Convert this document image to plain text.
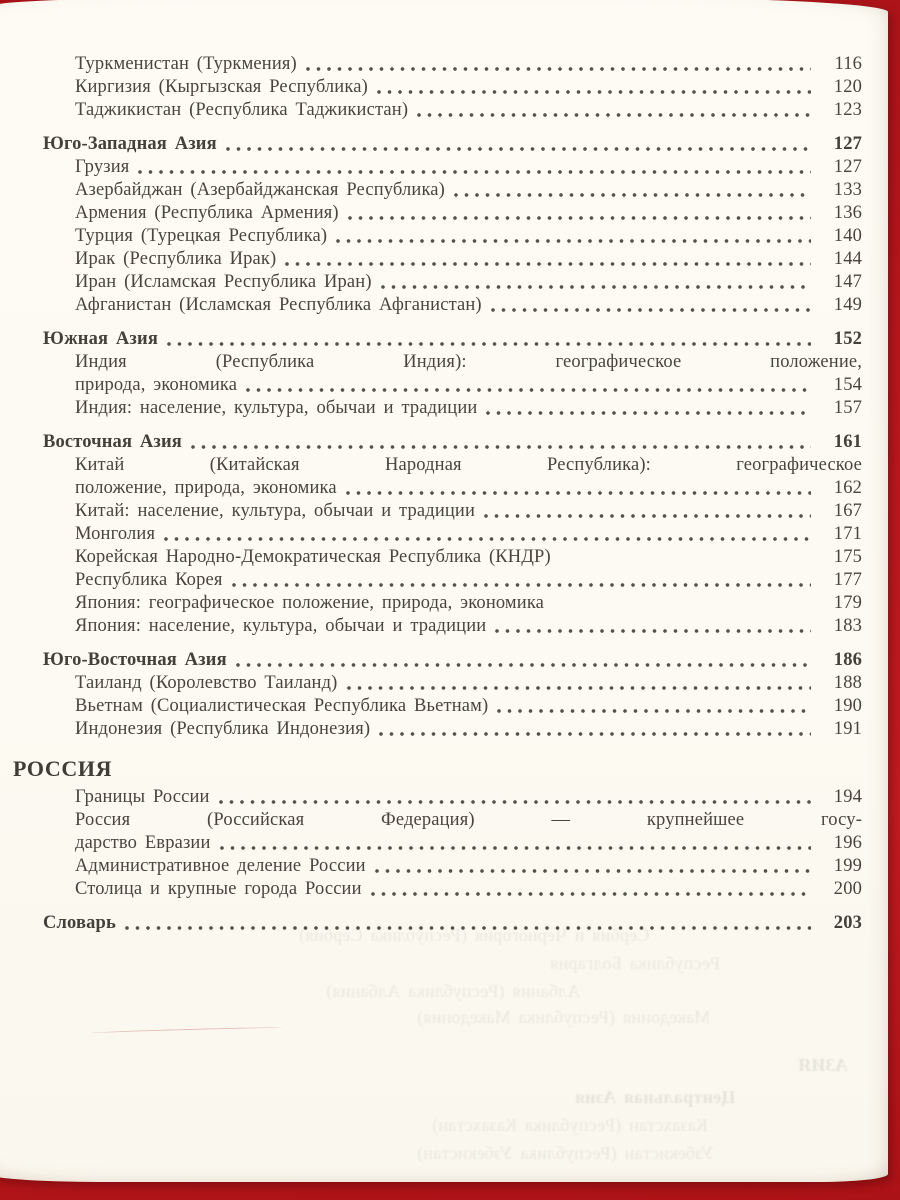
Туркменистан (Туркмения)	116
Киргизия (Кыргызская Республика)	120
Таджикистан (Республика Таджикистан)	123
Юго-Западная Азия	127
Грузия	127
Азербайджан (Азербайджанская Республика)	133
Армения (Республика Армения)	136
Турция (Турецкая Республика)	140
Ирак (Республика Ирак)	144
Иран (Исламская Республика Иран)	147
Афганистан (Исламская Республика Афганистан)	149
Южная Азия	152
Индия (Республика Индия): географическое положение,
природа, экономика	154
Индия: население, культура, обычаи и традиции	157
Восточная Азия	161
Китай (Китайская Народная Республика): географическое
положение, природа, экономика	162
Китай: население, культура, обычаи и традиции	167
Монголия	171
Корейская Народно-Демократическая Республика (КНДР)	175
Республика Корея	177
Япония: географическое положение, природа, экономика	179
Япония: население, культура, обычаи и традиции	183
Юго-Восточная Азия	186
Таиланд (Королевство Таиланд)	188
Вьетнам (Социалистическая Республика Вьетнам)	190
Индонезия (Республика Индонезия)	191
РОССИЯ
Границы России	194
Россия (Российская Федерация) — крупнейшее госу-
дарство Евразии	196
Административное деление России	199
Столица и крупные города России	200
Словарь	203
Сербия и Черногория (Республика Сербия)
Республика Болгария
Албания (Республика Албания)
Македония (Республика Македония)
АЗИЯ
Центральная Азия
Казахстан (Республика Казахстан)
Узбекистан (Республика Узбекистан)
